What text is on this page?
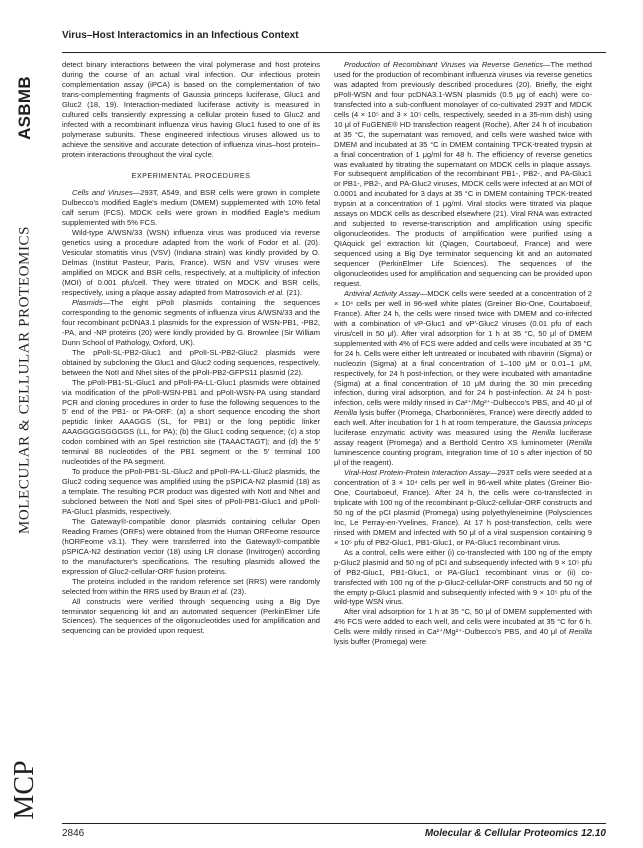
ASBMB
MOLECULAR & CELLULAR PROTEOMICS
MCP
Virus–Host Interactomics in an Infectious Context

detect binary interactions between the viral polymerase and host proteins during the course of an actual viral infection. Our infectious protein complementation assay (iPCA) is based on the complementation of two trans-complementing fragments of Gaussia princeps luciferase, Gluc1 and Gluc2 (18, 19). Interaction-mediated luciferase activity is measured in cultured cells transiently expressing a cellular protein fused to Gluc2 and infected with a recombinant influenza virus having Gluc1 fused to one of its polymerase subunits. These engineered infectious viruses allowed us to achieve the sensitive and accurate detection of influenza virus–host protein–protein interactions throughout the viral cycle.

EXPERIMENTAL PROCEDURES

Cells and Viruses—293T, A549, and BSR cells were grown in complete Dulbecco's modified Eagle's medium (DMEM) supplemented with 10% fetal calf serum (FCS). MDCK cells were grown in modified Eagle's medium supplemented with 5% FCS.

Wild-type A/WSN/33 (WSN) influenza virus was produced via reverse genetics using a procedure adapted from the work of Fodor et al. (20). Vesicular stomatitis virus (VSV) (Indiana strain) was kindly provided by O. Delmas (Institut Pasteur, Paris, France). WSN and VSV viruses were amplified on MDCK and BSR cells, respectively, at a multiplicity of infection (MOI) of 0.001 pfu/cell. They were titrated on MDCK and BSR cells, respectively, using a plaque assay adapted from Matrosovich et al. (21).

Plasmids—The eight pPolI plasmids containing the sequences corresponding to the genomic segments of influenza virus A/WSN/33 and the four recombinant pcDNA3.1 plasmids for the expression of WSN-PB1, -PB2, -PA, and -NP proteins (20) were kindly provided by G. Brownlee (Sir William Dunn School of Pathology, Oxford, UK).

The pPolI-SL-PB2-Gluc1 and pPolI-SL-PB2-Gluc2 plasmids were obtained by subcloning the Gluc1 and Gluc2 coding sequences, respectively, between the NotI and NheI sites of the pPolI-PB2-GFPS11 plasmid (22).

The pPolI-PB1-SL-Gluc1 and pPolI-PA-LL-Gluc1 plasmids were obtained via modification of the pPolI-WSN-PB1 and pPolI-WSN-PA using standard PCR and cloning procedures in order to fuse the following sequences to the 5′ end of the PB1- or PA-ORF: (a) a short sequence encoding the short peptidic linker AAAGGS (SL, for PB1) or the long peptidic linker AAAGGGGSGGGGS (LL, for PA); (b) the Gluc1 coding sequence; (c) a stop codon combined with an SpeI restriction site (TAAACTAGT); and (d) the 5′ terminal 88 nucleotides of the PB1 segment or the 5′ terminal 100 nucleotides of the PA segment.

To produce the pPolI-PB1-SL-Gluc2 and pPolI-PA-LL-Gluc2 plasmids, the Gluc2 coding sequence was amplified using the pSPICA-N2 plasmid (18) as a template. The resulting PCR product was digested with NotI and NheI and subcloned between the NotI and SpeI sites of pPolI-PB1-Gluc1 and pPolI-PA-Gluc1 plasmids, respectively.

The Gateway®-compatible donor plasmids containing cellular Open Reading Frames (ORFs) were obtained from the Human ORFeome resource (hORFeome v3.1). They were transferred into the Gateway®-compatible pSPICA-N2 destination vector (18) using LR clonase (Invitrogen) according to the manufacturer's specifications. The resulting plasmids allowed the expression of Gluc2-cellular-ORF fusion proteins.

The proteins included in the random reference set (RRS) were randomly selected from within the RRS used by Braun et al. (23).

All constructs were verified through sequencing using a Big Dye terminator sequencing kit and an automated sequencer (PerkinElmer Life Sciences). The sequences of the oligonucleotides used for amplification and sequencing can be provided upon request.

Production of Recombinant Viruses via Reverse Genetics—The method used for the production of recombinant influenza viruses via reverse genetics was adapted from previously described procedures (20). Briefly, the eight pPolI-WSN and four pcDNA3.1-WSN plasmids (0.5 μg of each) were co-transfected into a sub-confluent monolayer of co-cultivated 293T and MDCK cells (4 × 10⁵ and 3 × 10⁵ cells, respectively, seeded in a 35-mm dish) using 10 μl of FuGENE® HD transfection reagent (Roche). After 24 h of incubation at 35 °C, the supernatant was removed, and cells were washed twice with DMEM and incubated at 35 °C in DMEM containing TPCK-treated trypsin at a final concentration of 1 μg/ml for 48 h. The efficiency of reverse genetics was evaluated by titrating the supernatant on MDCK cells in plaque assays. For subsequent amplification of the recombinant PB1-, PB2-, and PA-Gluc1 or PB1-, PB2-, and PA-Gluc2 viruses, MDCK cells were infected at an MOI of 0.0001 and incubated for 3 days at 35 °C in DMEM containing TPCK-treated trypsin at a concentration of 1 μg/ml. Viral stocks were titrated via plaque assays on MDCK cells as described elsewhere (21). Viral RNA was extracted and subjected to reverse-transcription and amplification using specific oligonucleotides. The products of amplification were purified using a QIAquick gel extraction kit (Qiagen, Courtaboeuf, France) and were sequenced using a Big Dye terminator sequencing kit and an automated sequencer (PerkinElmer Life Sciences). The sequences of the oligonucleotides used for amplification and sequencing can be provided upon request.

Antiviral Activity Assay—MDCK cells were seeded at a concentration of 2 × 10⁴ cells per well in 96-well white plates (Greiner Bio-One, Courtaboeuf, France). After 24 h, the cells were rinsed twice with DMEM and co-infected with a combination of vP-Gluc1 and vP′-Gluc2 viruses (0.01 pfu of each virus/cell in 50 μl). After viral adsorption for 1 h at 35 °C, 50 μl of DMEM supplemented with 4% of FCS were added and cells were incubated at 35 °C for 24 h. Cells were either left untreated or incubated with ribavirin (Sigma) or nucleozin (Sigma) at a final concentration of 1–100 μM or 0.01–1 μM, respectively, for 24 h post-infection, or they were incubated with amantadine (Sigma) at a final concentration of 10 μM during the 30 min preceding infection, during viral adsorption, and for 24 h post-infection. At 24 h post-infection, cells were mildly rinsed in Ca²⁺/Mg²⁺-Dulbecco's PBS, and 40 μl of Renilla lysis buffer (Promega, Charbonnières, France) were directly added to each well. After incubation for 1 h at room temperature, the Gaussia princeps luciferase enzymatic activity was measured using the Renilla luciferase assay reagent (Promega) and a Berthold Centro XS luminometer (Renilla luminescence counting program, integration time of 10 s after injection of 50 μl of the reagent).

Viral-Host Protein-Protein Interaction Assay—293T cells were seeded at a concentration of 3 × 10⁴ cells per well in 96-well white plates (Greiner Bio-One, Courtaboeuf, France). After 24 h, the cells were co-transfected in triplicate with 100 ng of the recombinant p-Gluc2-cellular-ORF constructs and 50 ng of the pCI plasmid (Promega) using polyethyleneimine (Polysciences Inc, Le Perray-en-Yvelines, France). At 17 h post-transfection, cells were rinsed with DMEM and infected with 50 μl of a viral suspension containing 9 × 10⁵ pfu of PB2-Gluc1, PB1-Gluc1, or PA-Gluc1 recombinant virus.

As a control, cells were either (i) co-transfected with 100 ng of the empty p-Gluc2 plasmid and 50 ng of pCI and subsequently infected with 9 × 10⁵ pfu of PB2-Gluc1, PB1-Gluc1, or PA-Gluc1 recombinant virus or (ii) co-transfected with 100 ng of the p-Gluc2-cellular-ORF constructs and 50 ng of the empty p-Gluc1 plasmid and subsequently infected with 9 × 10⁵ pfu of the wild-type WSN virus.

After viral adsorption for 1 h at 35 °C, 50 μl of DMEM supplemented with 4% FCS were added to each well, and cells were incubated at 35 °C for 6 h. Cells were mildly rinsed in Ca²⁺/Mg²⁺-Dulbecco's PBS, and 40 μl of Renilla lysis buffer (Promega) were

2846	Molecular & Cellular Proteomics 12.10
